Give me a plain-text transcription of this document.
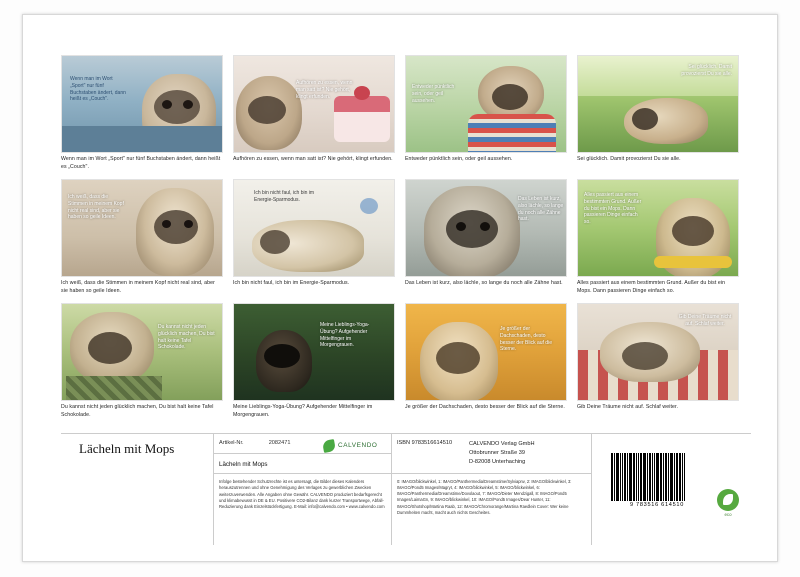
Wenn man im Wort „Sport" nur fünf Buchstaben ändert, dann heißt es „Couch".
Wenn man im Wort „Sport" nur fünf Buchstaben ändert, dann heißt es „Couch".
Aufhören zu essen, wenn man satt ist? Nie gehört, klingt erfunden.
Aufhören zu essen, wenn man satt ist? Nie gehört, klingt erfunden.
Entweder pünktlich sein, oder geil aussehen.
Entweder pünktlich sein, oder geil aussehen.
Sei glücklich. Damit provozierst Du sie alle.
Sei glücklich. Damit provozierst Du sie alle.
Ich weiß, dass die Stimmen in meinem Kopf nicht real sind, aber sie haben so geile Ideen.
Ich weiß, dass die Stimmen in meinem Kopf nicht real sind, aber sie haben so geile Ideen.
Ich bin nicht faul, ich bin im Energie-Sparmodus.
Ich bin nicht faul, ich bin im Energie-Sparmodus.
Das Leben ist kurz, also lächle, so lange du noch alle Zähne hast.
Das Leben ist kurz, also lächle, so lange du noch alle Zähne hast.
Alles passiert aus einem bestimmten Grund. Außer du bist ein Mops. Dann passieren Dinge einfach so.
Alles passiert aus einem bestimmten Grund. Außer du bist ein Mops. Dann passieren Dinge einfach so.
Du kannst nicht jeden glücklich machen, Du bist halt keine Tafel Schokolade.
Du kannst nicht jeden glücklich machen, Du bist halt keine Tafel Schokolade.
Meine Lieblings-Yoga-Übung? Aufgehender Mittelfinger im Morgengrauen.
Meine Lieblings-Yoga-Übung? Aufgehender Mittelfinger im Morgengrauen.
Je größer der Dachschaden, desto besser der Blick auf die Sterne.
Je größer der Dachschaden, desto besser der Blick auf die Sterne.
Gib Deine Träume nicht auf. Schlaf weiter.
Gib Deine Träume nicht auf. Schlaf weiter.
Lächeln mit Mops	Artikel-Nr.	2082471	CALVENDO
Lächeln mit Mops
Infolge bestehender Schutzrechte ist es untersagt, die Bilder dieses Kalenders herauszutrennen und ohne Genehmigung des Verlages zu gewerblichen Zwecken weiterzuverwenden. Alle Angaben ohne Gewähr. CALVENDO produziert bedarfsgerecht und klimabewusst in DE & EU. Positivere CO2-Bilanz dank kurzer Transportwege, Abfall-Reduzierung dank Einzelstückfertigung. E-Mail: info@calvendo.com • www.calvendo.com
ISBN 9783516614510	CALVENDO Verlag GmbH
Ottobrunner Straße 39
D-82008 Unterhaching
0: IMAGO/blickwinkel, 1: IMAGO/Panthermedia/Dreamstime/Sylviapnv, 2: IMAGO/blickwinkel, 3: IMAGO/Pond5 Images/Magryt, 4: IMAGO/blickwinkel, 5: IMAGO/blickwinkel, 6: IMAGO/Panthermedia/Dreamstime/Dovolaout, 7: IMAGO/Dieter Mendzigall, 8: IMAGO/Pond5 Images/LaimaGn, 9: IMAGO/blickwinkel, 10: IMAGO/Pond5 Images/Dear Hunter, 11: IMAGO/Shotshop/Martina Raab, 12: IMAGO/Chromorange/Martina Raedlein Cover: Wer keine Dummheiten macht, macht auch nichts Gescheites.
9 783516 614510
eco
